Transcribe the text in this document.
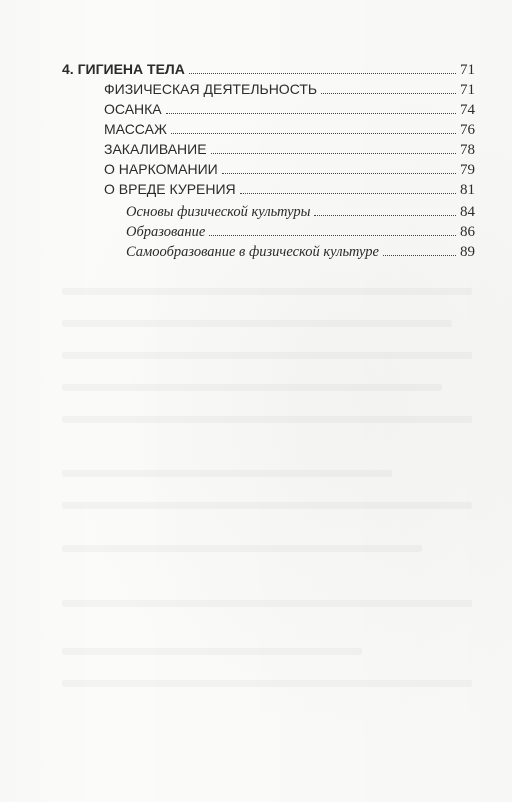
4. ГИГИЕНА ТЕЛА	71
ФИЗИЧЕСКАЯ ДЕЯТЕЛЬНОСТЬ	71
ОСАНКА	74
МАССАЖ	76
ЗАКАЛИВАНИЕ	78
О НАРКОМАНИИ	79
О ВРЕДЕ КУРЕНИЯ	81
Основы физической культуры	84
Образование	86
Самообразование в физической культуре	89
